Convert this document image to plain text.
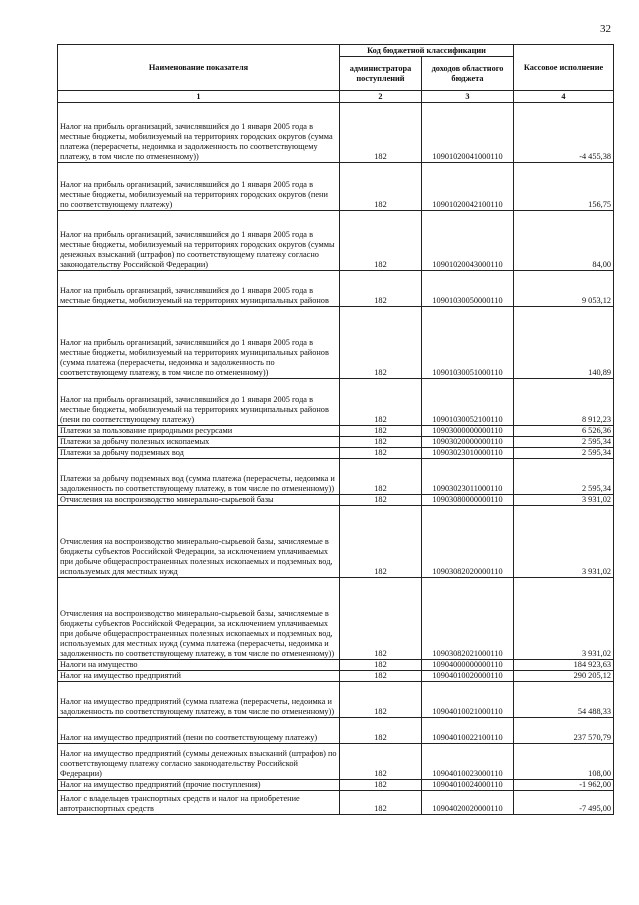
32
Наименование показателя	Код бюджетной классификации		Кассовое исполнение
	администратора поступлений	доходов областного бюджета	
1	2	3	4
Налог на прибыль организаций, зачислявшийся до 1 января 2005 года в местные бюджеты, мобилизуемый на территориях городских округов (сумма платежа (перерасчеты, недоимка и задолженность по соответствующему платежу, в том числе по отмененному))	182	10901020041000110	-4 455,38
Налог на прибыль организаций, зачислявшийся до 1 января 2005 года в местные бюджеты, мобилизуемый на территориях городских округов (пени по соответствующему платежу)	182	10901020042100110	156,75
Налог на прибыль организаций, зачислявшийся до 1 января 2005 года в местные бюджеты, мобилизуемый на территориях городских округов (суммы денежных взысканий (штрафов) по соответствующему платежу согласно законодательству Российской Федерации)	182	10901020043000110	84,00
Налог на прибыль организаций, зачислявшийся до 1 января 2005 года в местные бюджеты, мобилизуемый на территориях муниципальных районов	182	10901030050000110	9 053,12
Налог на прибыль организаций, зачислявшийся до 1 января 2005 года в местные бюджеты, мобилизуемый на территориях муниципальных районов (сумма платежа (перерасчеты, недоимка и задолженность по соответствующему платежу, в том числе по отмененному))	182	10901030051000110	140,89
Налог на прибыль организаций, зачислявшийся до 1 января 2005 года в местные бюджеты, мобилизуемый на территориях муниципальных районов (пени по соответствующему платежу)	182	10901030052100110	8 912,23
Платежи за пользование природными ресурсами	182	10903000000000110	6 526,36
Платежи за добычу полезных ископаемых	182	10903020000000110	2 595,34
Платежи за добычу подземных вод	182	10903023010000110	2 595,34
Платежи за добычу подземных вод (сумма платежа (перерасчеты, недоимка и задолженность по соответствующему платежу, в том числе по отмененному))	182	10903023011000110	2 595,34
Отчисления на воспроизводство минерально-сырьевой базы	182	10903080000000110	3 931,02
Отчисления на воспроизводство минерально-сырьевой базы, зачисляемые в бюджеты субъектов Российской Федерации, за исключением уплачиваемых при добыче общераспространенных полезных ископаемых и подземных вод, используемых для местных нужд	182	10903082020000110	3 931,02
Отчисления на воспроизводство минерально-сырьевой базы, зачисляемые в бюджеты субъектов Российской Федерации, за исключением уплачиваемых при добыче общераспространенных полезных ископаемых и подземных вод, используемых для местных нужд (сумма платежа (перерасчеты, недоимка и задолженность по соответствующему платежу, в том числе по отмененному))	182	10903082021000110	3 931,02
Налоги на имущество	182	10904000000000110	184 923,63
Налог на имущество предприятий	182	10904010020000110	290 205,12
Налог на имущество предприятий (сумма платежа (перерасчеты, недоимка и задолженность по соответствующему платежу, в том числе по отмененному))	182	10904010021000110	54 488,33
Налог на имущество предприятий (пени по соответствующему платежу)	182	10904010022100110	237 570,79
Налог на имущество предприятий (суммы денежных взысканий (штрафов) по соответствующему платежу согласно законодательству Российской Федерации)	182	10904010023000110	108,00
Налог на имущество предприятий (прочие поступления)	182	10904010024000110	-1 962,00
Налог с владельцев транспортных средств и налог на приобретение автотранспортных средств	182	10904020020000110	-7 495,00
